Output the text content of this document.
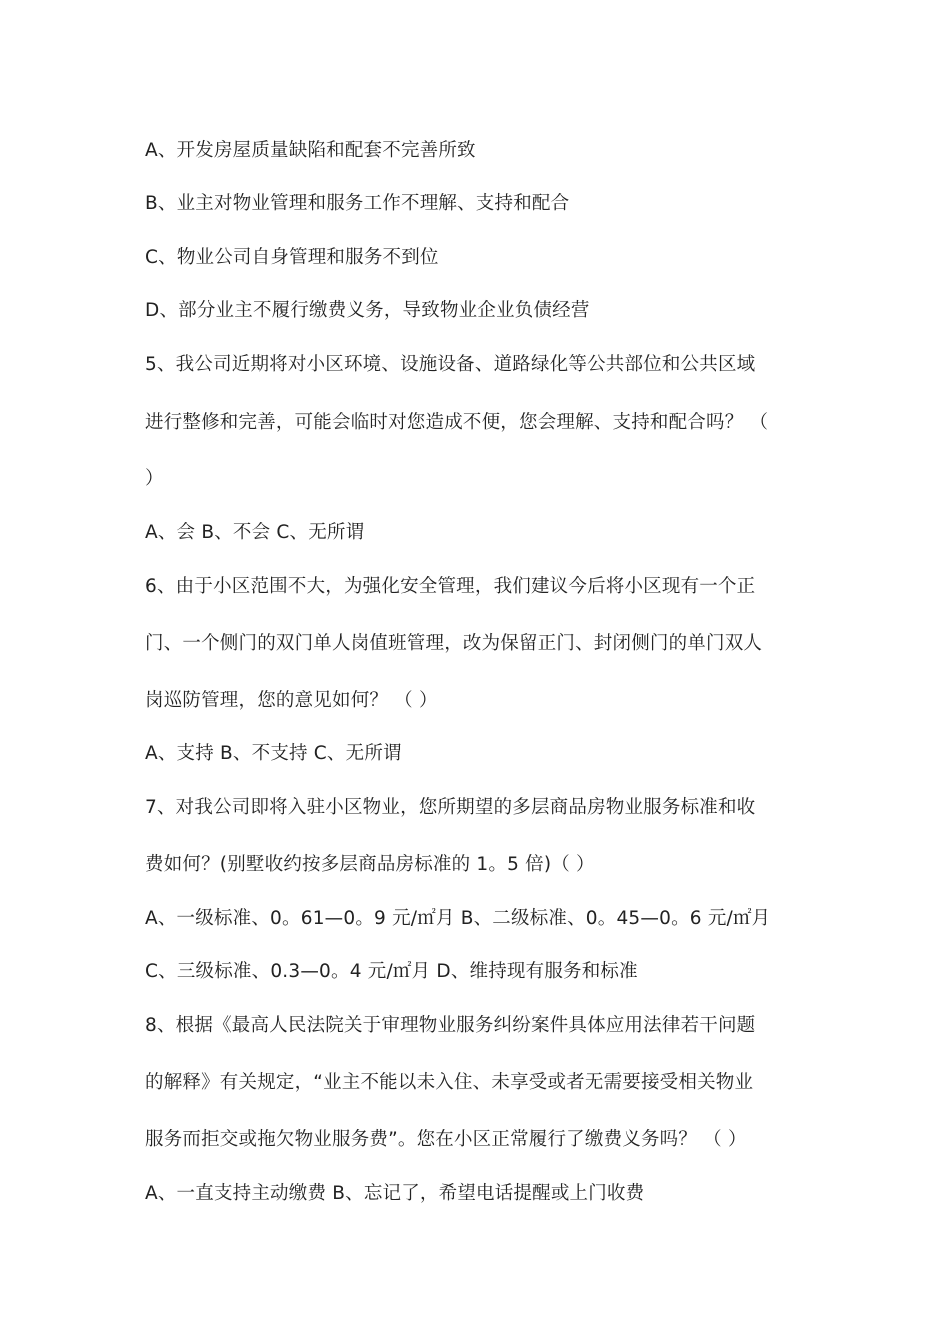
A、开发房屋质量缺陷和配套不完善所致
B、业主对物业管理和服务工作不理解、支持和配合
C、物业公司自身管理和服务不到位
D、部分业主不履行缴费义务，导致物业企业负债经营
5、我公司近期将对小区环境、设施设备、道路绿化等公共部位和公共区域
进行整修和完善，可能会临时对您造成不便，您会理解、支持和配合吗？ （
）
A、会 B、不会 C、无所谓
6、由于小区范围不大，为强化安全管理，我们建议今后将小区现有一个正
门、一个侧门的双门单人岗值班管理，改为保留正门、封闭侧门的单门双人
岗巡防管理，您的意见如何？ （ ）
A、支持 B、不支持 C、无所谓
7、对我公司即将入驻小区物业，您所期望的多层商品房物业服务标准和收
费如何？(别墅收约按多层商品房标准的 1。5 倍)（ ）
A、一级标准、0。61—0。9 元/㎡月 B、二级标准、0。45—0。6 元/㎡月
C、三级标准、0.3—0。4 元/㎡月 D、维持现有服务和标准
8、根据《最高人民法院关于审理物业服务纠纷案件具体应用法律若干问题
的解释》有关规定，“业主不能以未入住、未享受或者无需要接受相关物业
服务而拒交或拖欠物业服务费”。您在小区正常履行了缴费义务吗？ （ ）
A、一直支持主动缴费 B、忘记了，希望电话提醒或上门收费
